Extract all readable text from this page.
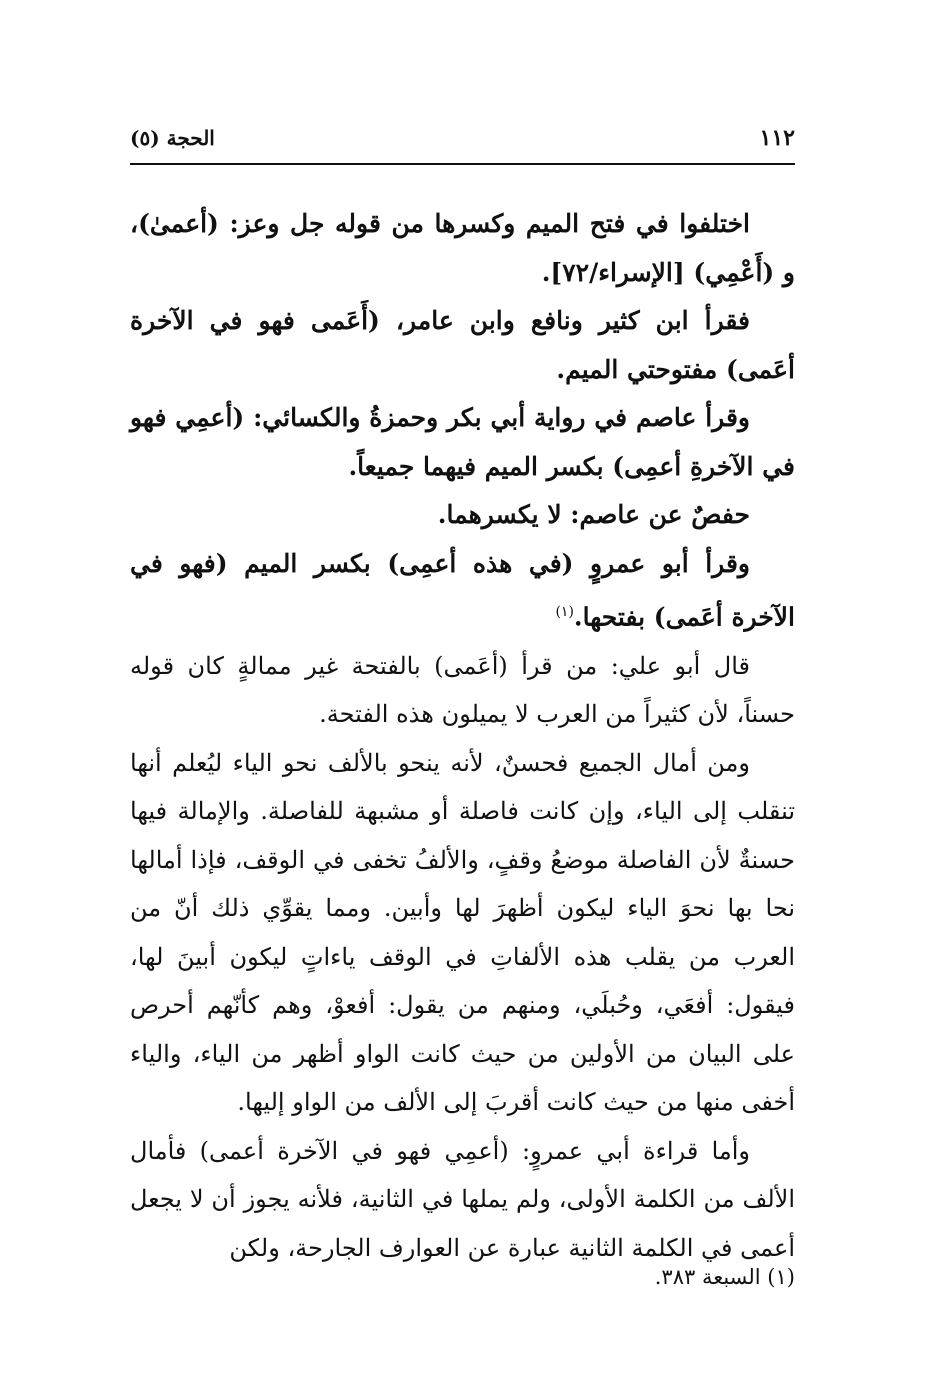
١١٢
الحجة (٥)

اختلفوا في فتح الميم وكسرها من قوله جل وعز: (أعمىٰ)، و (أَعْمِي) [الإسراء/٧٢].

فقرأ ابن كثير ونافع وابن عامر، (أَعَمى فهو في الآخرة أعَمى) مفتوحتي الميم.

وقرأ عاصم في رواية أبي بكر وحمزةُ والكسائي: (أعمِي فهو في الآخرةِ أعمِى) بكسر الميم فيهما جميعاً.

حفصٌ عن عاصم: لا يكسرهما.

وقرأ أبو عمروٍ (في هذه أعمِى) بكسر الميم (فهو في الآخرة أعَمى) بفتحها.$^{(١)}$

قال أبو علي: من قرأ (أعَمى) بالفتحة غير ممالةٍ كان قوله حسناً، لأن كثيراً من العرب لا يميلون هذه الفتحة.

ومن أمال الجميع فحسنٌ، لأنه ينحو بالألف نحو الياء ليُعلم أنها تنقلب إلى الياء، وإن كانت فاصلة أو مشبهة للفاصلة. والإمالة فيها حسنةٌ لأن الفاصلة موضعُ وقفٍ، والألفُ تخفى في الوقف، فإذا أمالها نحا بها نحوَ الياء ليكون أظهرَ لها وأبين. ومما يقوِّي ذلك أنّ من العرب من يقلب هذه الألفاتِ في الوقف ياءاتٍ ليكون أبينَ لها، فيقول: أفعَي، وحُبلَي، ومنهم من يقول: أفعوْ، وهم كأنّهم أحرص على البيان من الأولين من حيث كانت الواو أظهر من الياء، والياء أخفى منها من حيث كانت أقربَ إلى الألف من الواو إليها.

وأما قراءة أبي عمروٍ: (أعمِي فهو في الآخرة أعمى) فأمال الألف من الكلمة الأولى، ولم يملها في الثانية، فلأنه يجوز أن لا يجعل أعمى في الكلمة الثانية عبارة عن العوارف الجارحة، ولكن

(١) السبعة ٣٨٣.
